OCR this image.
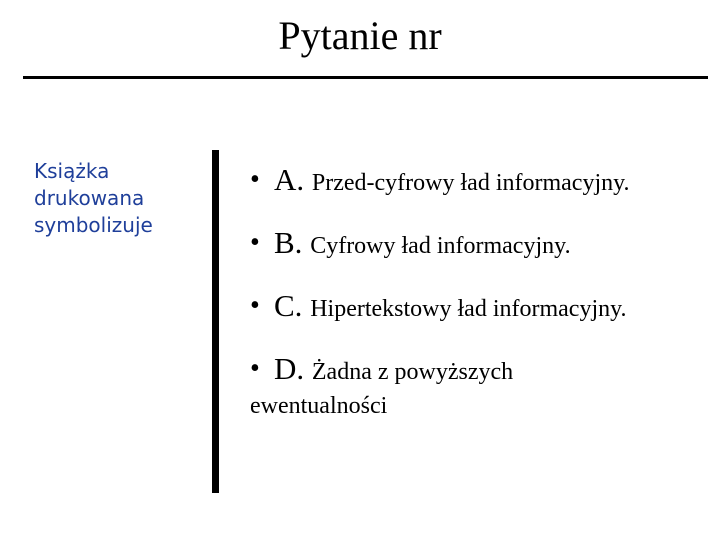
Pytanie nr
Książka
drukowana
symbolizuje
• A. Przed-cyfrowy ład informacyjny.
• B. Cyfrowy ład informacyjny.
• C. Hipertekstowy ład informacyjny.
• D. Żadna z powyższych
ewentualności
